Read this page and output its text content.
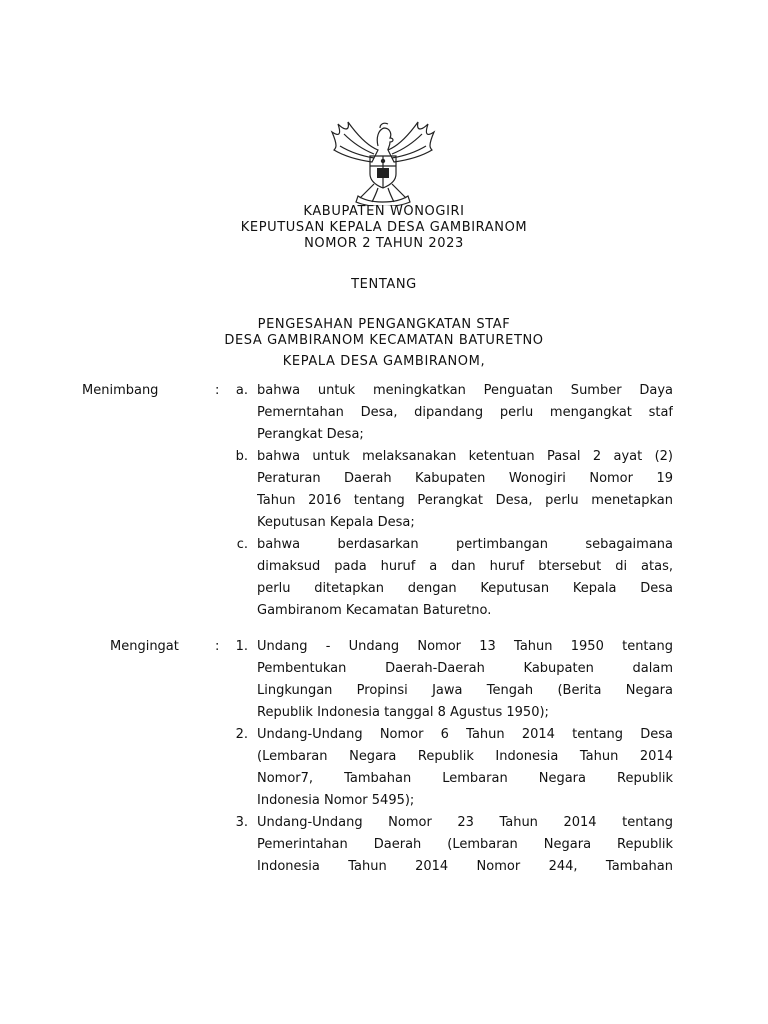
KABUPATEN WONOGIRI
KEPUTUSAN KEPALA DESA GAMBIRANOM
NOMOR 2 TAHUN 2023
TENTANG
PENGESAHAN PENGANGKATAN STAF
DESA GAMBIRANOM KECAMATAN BATURETNO
KEPALA DESA GAMBIRANOM,
Menimbang	:	a. bahwa untuk meningkatkan Penguatan Sumber Daya
Pemerntahan Desa, dipandang perlu mengangkat staf
Perangkat Desa;
b. bahwa untuk melaksanakan ketentuan Pasal 2 ayat (2)
Peraturan Daerah Kabupaten Wonogiri Nomor 19
Tahun 2016 tentang Perangkat Desa, perlu menetapkan
Keputusan Kepala Desa;
c. bahwa berdasarkan pertimbangan sebagaimana
dimaksud pada huruf a dan huruf btersebut di atas,
perlu ditetapkan dengan Keputusan Kepala Desa
Gambiranom Kecamatan Baturetno.
Mengingat	:	1. Undang - Undang Nomor 13 Tahun 1950 tentang
Pembentukan Daerah-Daerah Kabupaten dalam
Lingkungan Propinsi Jawa Tengah (Berita Negara
Republik Indonesia tanggal 8 Agustus 1950);
2. Undang-Undang Nomor 6 Tahun 2014 tentang Desa
(Lembaran Negara Republik Indonesia Tahun 2014
Nomor7, Tambahan Lembaran Negara Republik
Indonesia Nomor 5495);
3. Undang-Undang Nomor 23 Tahun 2014 tentang
Pemerintahan Daerah (Lembaran Negara Republik
Indonesia Tahun 2014 Nomor 244, Tambahan
